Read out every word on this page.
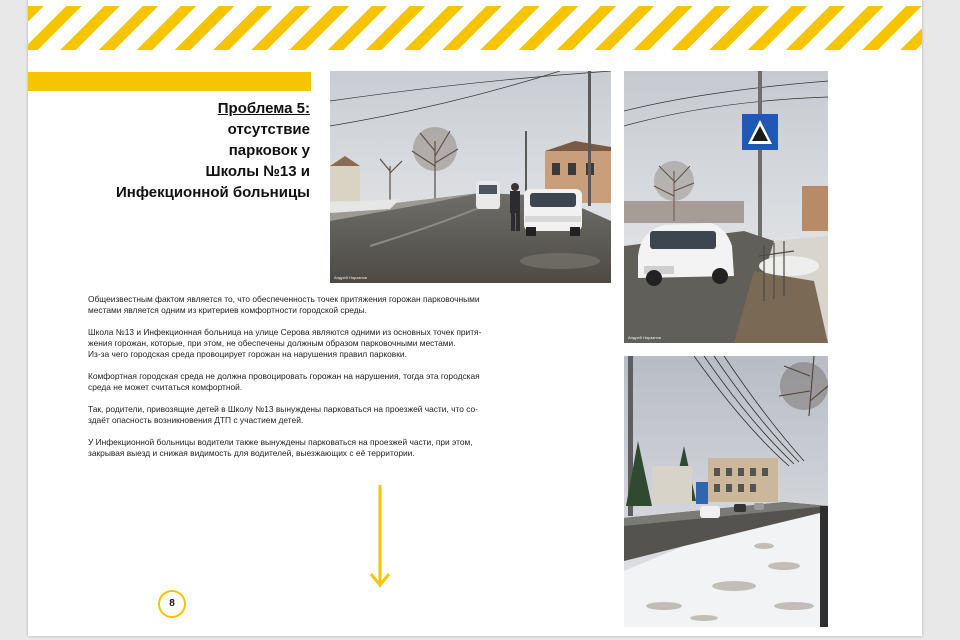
Проблема 5:
отсутствие
парковок у
Школы №13 и
Инфекционной больницы
Андрей Нарзанов
Андрей Нарзанов

Общеизвестным фактом является то, что обеспеченность точек притяжения горожан парковочными
местами является одним из критериев комфортности городской среды.

Школа №13 и Инфекционная больница на улице Серова являются одними из основных точек притя-
жения горожан, которые, при этом, не обеспечены должным образом парковочными местами.
Из-за чего городская среда провоцирует горожан на нарушения правил парковки.

Комфортная городская среда не должна провоцировать горожан на нарушения, тогда эта городская
среда не может считаться комфортной.

Так, родители, привозящие детей в Школу №13 вынуждены парковаться на проезжей части, что со-
здаёт опасность возникновения ДТП с участием детей.

У Инфекционной больницы водители также вынуждены парковаться на проезжей части, при этом,
закрывая выезд и снижая видимость для водителей, выезжающих с её территории.

8
